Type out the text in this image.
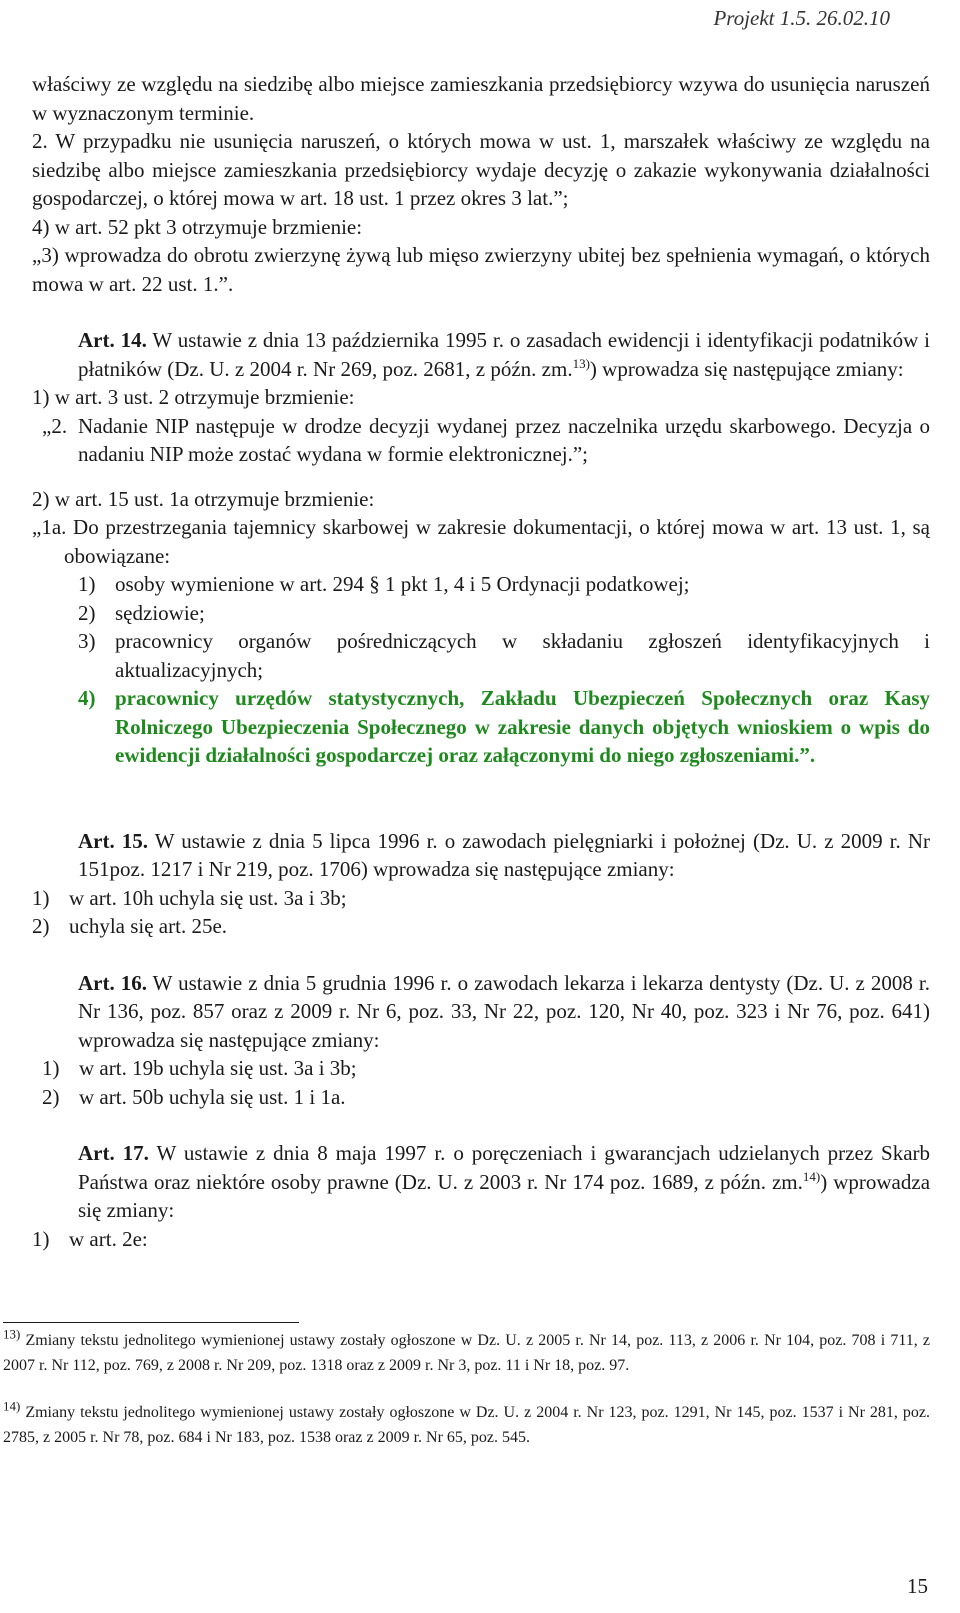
Projekt 1.5. 26.02.10
właściwy ze względu na siedzibę albo miejsce zamieszkania przedsiębiorcy wzywa do usunięcia naruszeń w wyznaczonym terminie.
2. W przypadku nie usunięcia naruszeń, o których mowa w ust. 1, marszałek właściwy ze względu na siedzibę albo miejsce zamieszkania przedsiębiorcy wydaje decyzję o zakazie wykonywania działalności gospodarczej, o której mowa w art. 18 ust. 1 przez okres 3 lat.”;
4) w art. 52 pkt 3 otrzymuje brzmienie:
„3) wprowadza do obrotu zwierzynę żywą lub mięso zwierzyny ubitej bez spełnienia wymagań, o których mowa w art. 22 ust. 1.”.
Art. 14. W ustawie z dnia 13 października 1995 r. o zasadach ewidencji i identyfikacji podatników i płatników (Dz. U. z 2004 r. Nr 269, poz. 2681, z późn. zm.$^{13)}$) wprowadza się następujące zmiany:
1) w art. 3 ust. 2 otrzymuje brzmienie:
„2. Nadanie NIP następuje w drodze decyzji wydanej przez naczelnika urzędu skarbowego. Decyzja o nadaniu NIP może zostać wydana w formie elektronicznej.”;
2) w art. 15 ust. 1a otrzymuje brzmienie:
„1a. Do przestrzegania tajemnicy skarbowej w zakresie dokumentacji, o której mowa w art. 13 ust. 1, są obowiązane:
1) osoby wymienione w art. 294 § 1 pkt 1, 4 i 5 Ordynacji podatkowej;
2) sędziowie;
3) pracownicy organów pośredniczących w składaniu zgłoszeń identyfikacyjnych i aktualizacyjnych;
4) pracownicy urzędów statystycznych, Zakładu Ubezpieczeń Społecznych oraz Kasy Rolniczego Ubezpieczenia Społecznego w zakresie danych objętych wnioskiem o wpis do ewidencji działalności gospodarczej oraz załączonymi do niego zgłoszeniami.”.
Art. 15. W ustawie z dnia 5 lipca 1996 r. o zawodach pielęgniarki i położnej (Dz. U. z 2009 r. Nr 151poz. 1217 i Nr 219, poz. 1706) wprowadza się następujące zmiany:
1) w art. 10h uchyla się ust. 3a i 3b;
2) uchyla się art. 25e.
Art. 16. W ustawie z dnia 5 grudnia 1996 r. o zawodach lekarza i lekarza dentysty (Dz. U. z 2008 r. Nr 136, poz. 857 oraz z 2009 r. Nr 6, poz. 33, Nr 22, poz. 120, Nr 40, poz. 323 i Nr 76, poz. 641) wprowadza się następujące zmiany:
1) w art. 19b uchyla się ust. 3a i 3b;
2) w art. 50b uchyla się ust. 1 i 1a.
Art. 17. W ustawie z dnia 8 maja 1997 r. o poręczeniach i gwarancjach udzielanych przez Skarb Państwa oraz niektóre osoby prawne (Dz. U. z 2003 r. Nr 174 poz. 1689, z późn. zm.$^{14)}$) wprowadza się zmiany:
1) w art. 2e:

$^{13)}$ Zmiany tekstu jednolitego wymienionej ustawy zostały ogłoszone w Dz. U. z 2005 r. Nr 14, poz. 113, z 2006 r. Nr 104, poz. 708 i 711, z 2007 r. Nr 112, poz. 769, z 2008 r. Nr 209, poz. 1318 oraz z 2009 r. Nr 3, poz. 11 i Nr 18, poz. 97.

$^{14)}$ Zmiany tekstu jednolitego wymienionej ustawy zostały ogłoszone w Dz. U. z 2004 r. Nr 123, poz. 1291, Nr 145, poz. 1537 i Nr 281, poz. 2785, z 2005 r. Nr 78, poz. 684 i Nr 183, poz. 1538 oraz z 2009 r. Nr 65, poz. 545.

15
